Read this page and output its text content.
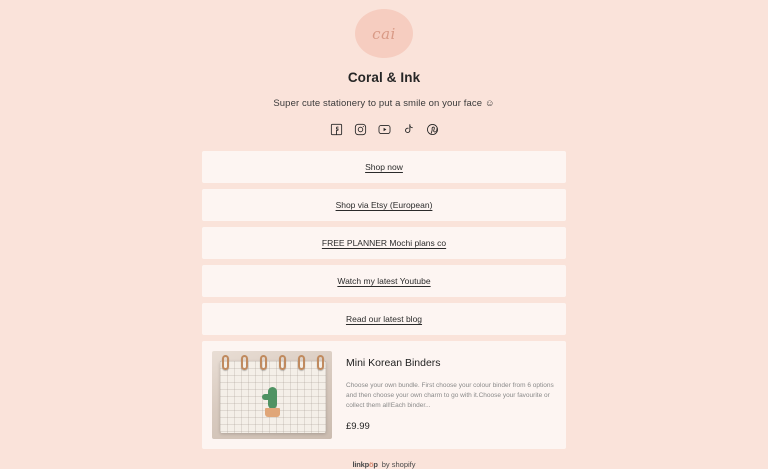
cai
Coral & Ink
Super cute stationery to put a smile on your face ☺
Shop now
Shop via Etsy (European)
FREE PLANNER Mochi plans co
Watch my latest Youtube
Read our latest blog
Mini Korean Binders
Choose your own bundle. First choose your colour binder from 6 options and then choose your own charm to go with it.Choose your favourite or collect them all!Each binder...
£9.99
linkpöp by shopify
